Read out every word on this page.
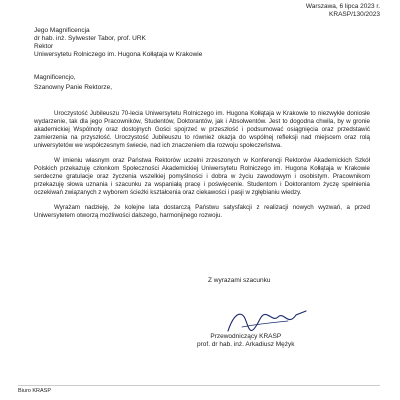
Warszawa, 6 lipca 2023 r.
KRASP/130/2023
Jego Magnificencja
dr hab. inż. Sylwester Tabor, prof. URK
Rektor
Uniwersytetu Rolniczego im. Hugona Kołłątaja w Krakowie
Magnificencjo,
Szanowny Panie Rektorze,

Uroczystość Jubileuszu 70-lecia Uniwersytetu Rolniczego im. Hugona Kołłątaja w Krakowie to niezwykle doniosłe wydarzenie, tak dla jego Pracowników, Studentów, Doktorantów, jak i Absolwentów. Jest to dogodna chwila, by w gronie akademickiej Wspólnoty oraz dostojnych Gości spojrzeć w przeszłość i podsumować osiągnięcia oraz przedstawić zamierzenia na przyszłość. Uroczystość Jubileuszu to również okazja do wspólnej refleksji nad miejscem oraz rolą uniwersytetów we współczesnym świecie, nad ich znaczeniem dla rozwoju społeczeństwa.

W imieniu własnym oraz Państwa Rektorów uczelni zrzeszonych w Konferencji Rektorów Akademickich Szkół Polskich przekazuję członkom Społeczności Akademickiej Uniwersytetu Rolniczego im. Hugona Kołłątaja w Krakowie serdeczne gratulacje oraz życzenia wszelkiej pomyślności i dobra w życiu zawodowym i osobistym. Pracownikom przekazuję słowa uznania i szacunku za wspaniałą pracę i poświęcenie. Studentom i Doktorantom życzę spełnienia oczekiwań związanych z wyborem ścieżki kształcenia oraz ciekawości i pasji w zgłębianiu wiedzy.

Wyrażam nadzieję, że kolejne lata dostarczą Państwu satysfakcji z realizacji nowych wyzwań, a przed Uniwersytetem otworzą możliwości dalszego, harmonijnego rozwoju.

Z wyrazami szacunku
Przewodniczący KRASP
prof. dr hab. inż. Arkadiusz Mężyk
Biuro KRASP
